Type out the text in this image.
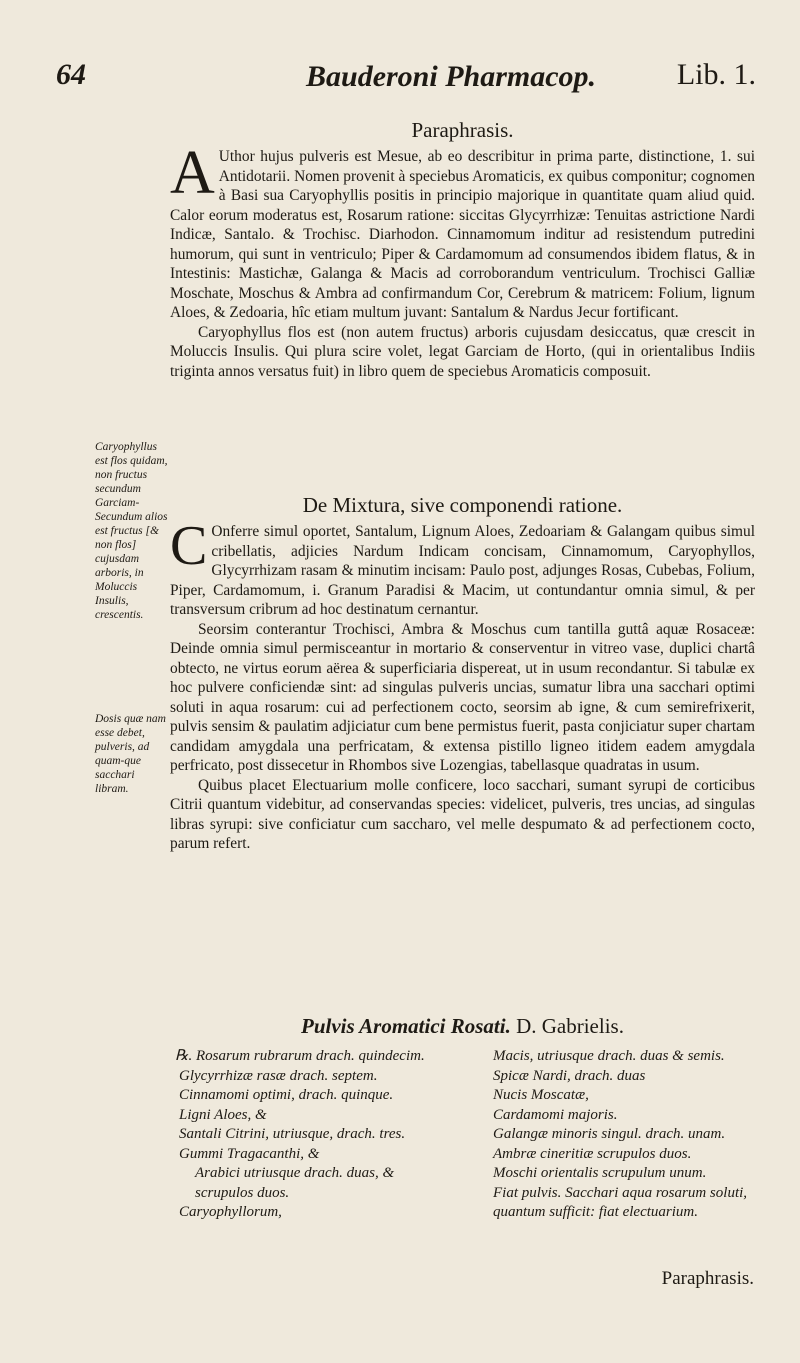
64	Bauderoni Pharmacop.	Lib. 1.
Paraphrasis.
A Uthor hujus pulveris est Mesue, ab eo describitur in prima parte, distinctione, 1. sui Antidotarii. Nomen provenit à speciebus Aromaticis, ex quibus componitur; cognomen à Basi sua Caryophyllis positis in principio majorique in quantitate quam aliud quid. Calor eorum moderatus est, Rosarum ratione: siccitas Glycyrrhizæ: Tenuitas astrictione Nardi Indicæ, Santalo. & Trochisc. Diarhodon. Cinnamomum inditur ad resistendum putredini humorum, qui sunt in ventriculo; Piper & Cardamomum ad consumendos ibidem flatus, & in Intestinis: Mastichæ, Galanga & Macis ad corroborandum ventriculum. Trochisci Galliæ Moschate, Moschus & Ambra ad confirmandum Cor, Cerebrum & matricem: Folium, lignum Aloes, & Zedoaria, hîc etiam multum juvant: Santalum & Nardus Jecur fortificant.

Caryophyllus flos est (non autem fructus) arboris cujusdam desiccatus, quæ crescit in Moluccis Insulis. Qui plura scire volet, legat Garciam de Horto, (qui in orientalibus Indiis triginta annos versatus fuit) in libro quem de speciebus Aromaticis composuit.

Caryophyllus est flos quidam, non fructus secundum Garciam-Secundum alios est fructus [& non flos] cujusdam arboris, in Moluccis Insulis, crescentis.
De Mixtura, sive componendi ratione.
C Onferre simul oportet, Santalum, Lignum Aloes, Zedoariam & Galangam quibus simul cribellatis, adjicies Nardum Indicam concisam, Cinnamomum, Caryophyllos, Glycyrrhizam rasam & minutim incisam: Paulo post, adjunges Rosas, Cubebas, Folium, Piper, Cardamomum, i. Granum Paradisi & Macim, ut contundantur omnia simul, & per transversum cribrum ad hoc destinatum cernantur.

Seorsim conterantur Trochisci, Ambra & Moschus cum tantilla guttâ aquæ Rosaceæ: Deinde omnia simul permisceantur in mortario & conserventur in vitreo vase, duplici chartâ obtecto, ne virtus eorum aërea & superficiaria dispereat, ut in usum recondantur. Si tabulæ ex hoc pulvere conficiendæ sint: ad singulas pulveris uncias, sumatur libra una sacchari optimi soluti in aqua rosarum: cui ad perfectionem cocto, seorsim ab igne, & cum semirefrixerit, pulvis sensim & paulatim adjiciatur cum bene permistus fuerit, pasta conjiciatur super chartam candidam amygdala una perfricatam, & extensa pistillo ligneo itidem eadem amygdala perfricato, post dissecetur in Rhombos sive Lozengias, tabellasque quadratas in usum.

Quibus placet Electuarium molle conficere, loco sacchari, sumant syrupi de corticibus Citrii quantum videbitur, ad conservandas species: videlicet, pulveris, tres uncias, ad singulas libras syrupi: sive conficiatur cum saccharo, vel melle despumato & ad perfectionem cocto, parum refert.

Dosis quæ nam esse debet, pulveris, ad quam-que sacchari libram.
Pulvis Aromatici Rosati. D. Gabrielis.
℞. Rosarum rubrarum drach. quindecim.
Glycyrrhizæ rasæ drach. septem.
Cinnamomi optimi, drach. quinque.
Ligni Aloes, &
Santali Citrini, utriusque, drach. tres.
Gummi Tragacanthi, &
Arabici utriusque drach. duas, &
scrupulos duos.
Caryophyllorum,
Macis, utriusque drach. duas & semis.
Spicæ Nardi, drach. duas
Nucis Moscatæ,
Cardamomi majoris.
Galangæ minoris singul. drach. unam.
Ambræ cineritiæ scrupulos duos.
Moschi orientalis scrupulum unum.
Fiat pulvis. Sacchari aqua rosarum soluti,
quantum sufficit: fiat electuarium.
Paraphrasis.
